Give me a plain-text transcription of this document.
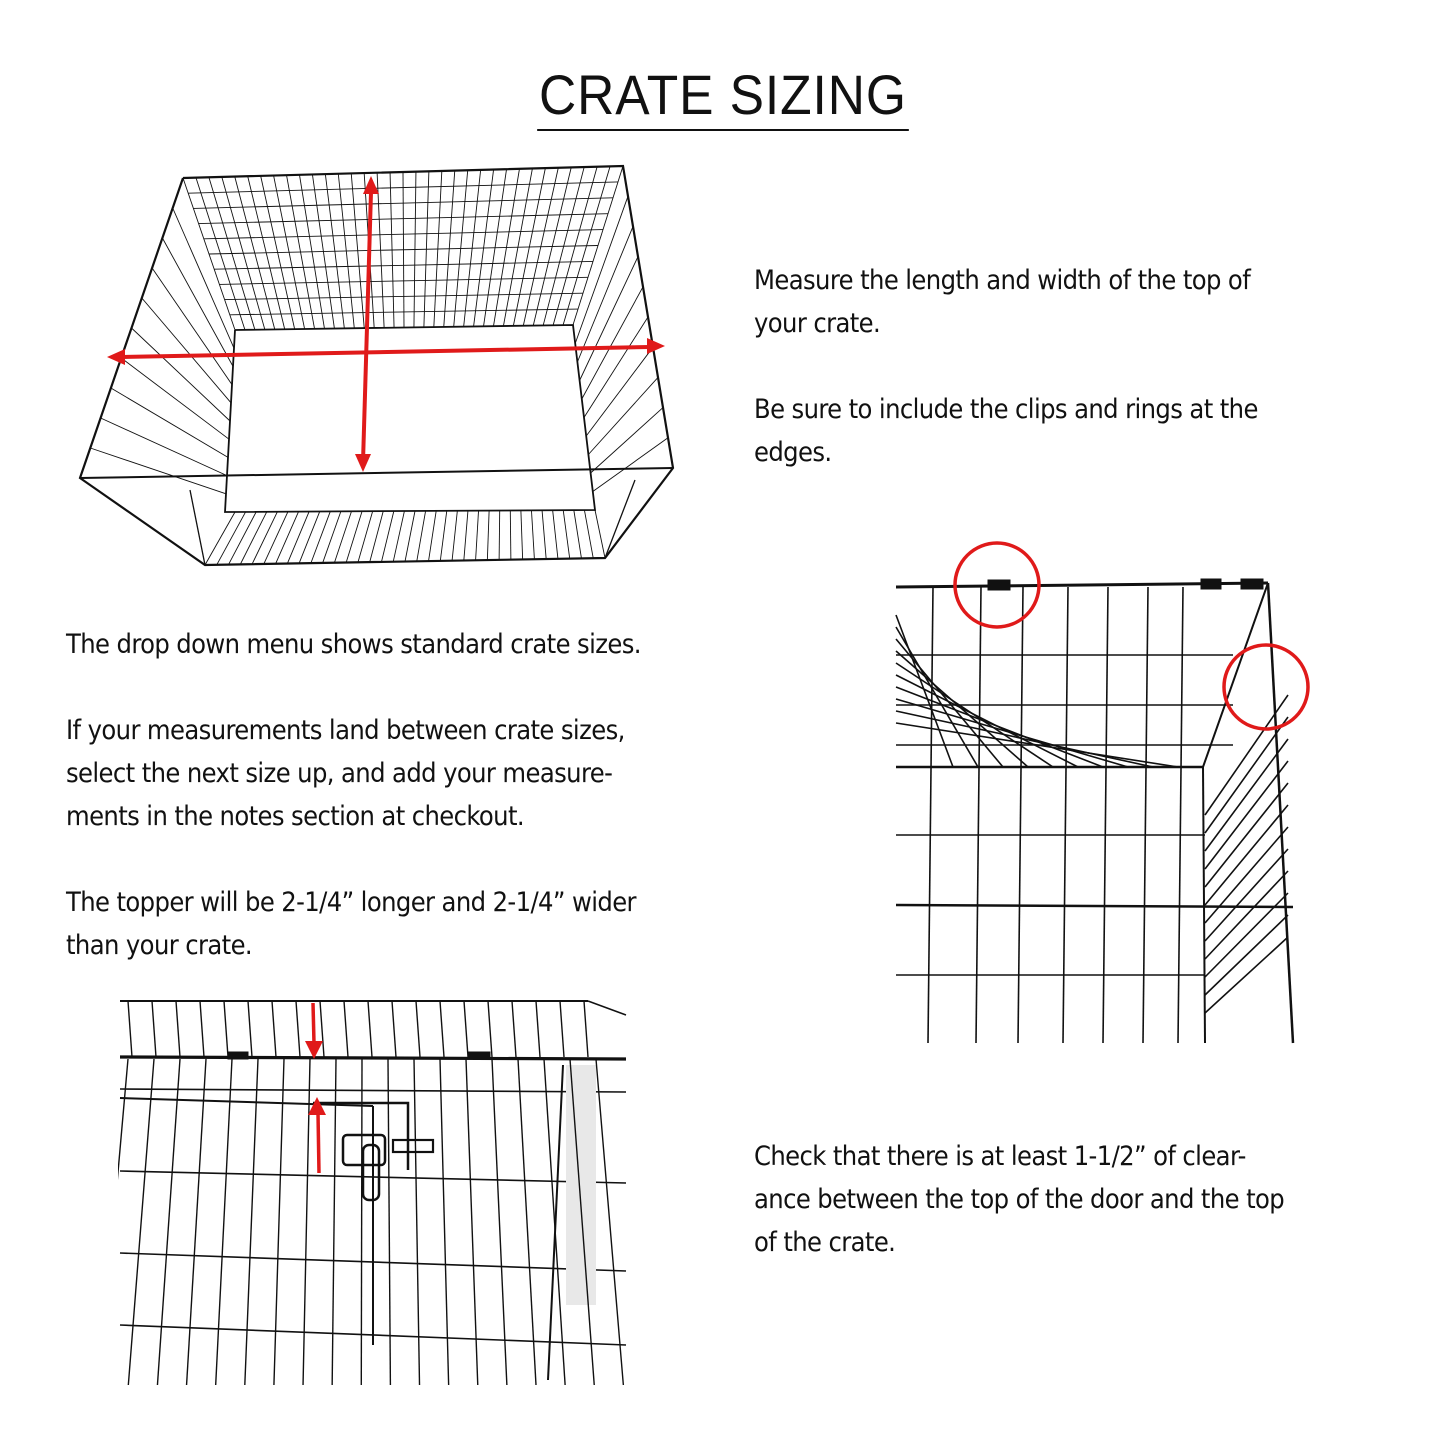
CRATE SIZING

Measure the length and width of the top of

your crate.

Be sure to include the clips and rings at the

edges.

The drop down menu shows standard crate sizes.

If your measurements land between crate sizes,

select the next size up, and add your measure-

ments in the notes section at checkout.

The topper will be 2-1/4” longer and 2-1/4” wider

than your crate.

Check that there is at least 1-1/2” of clear-

ance between the top of the door and the top

of the crate.
